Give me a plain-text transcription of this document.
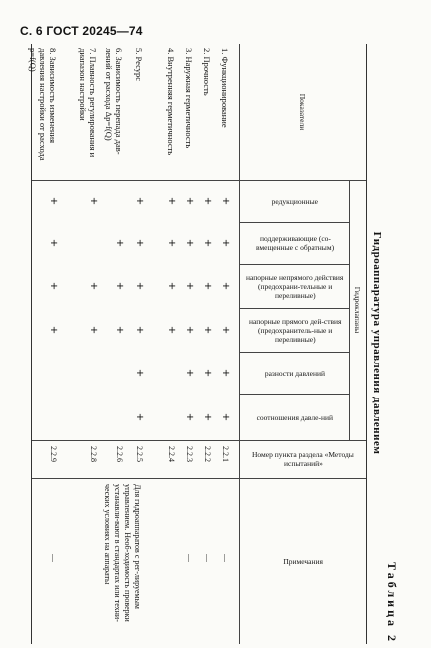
С. 6 ГОСТ 20245—74
Таблица 2
Гидроаппаратура управления давлением
Показатели
Гидроклапаны
редукционные
поддерживающие (со-вмещенные с обратным)
напорные непрямого действия (предохрани-тельные и переливные)
напорные прямого дей-ствия (предохранитель-ные и переливные)
разности давлений
соотношения давле-ний
Номер пункта раздела «Методы испытаний»
Примечания
1. Функционирование
+
+
+
+
+
+
2.2.1
—
2. Прочность
+
+
+
+
+
+
2.2.2
—
3. Наружная герметичность
+
+
+
+
+
+
2.2.3
—
4. Внутренняя герметичность
+
+
+
+
2.2.4
5. Ресурс
+
+
+
+
+
+
2.2.5
6. Зависимость перепада дав-лений от расхода Δp=f(Q)
+
+
+
2.2.6
7. Плавность регулирования и диапазон настройки
+
+
+
2.2.8
Для гидроаппаратов с рег-лируемым управлением. Необ-ходимость проверки устанавли-вают в стандартах или техни-ческих условиях на аппараты
8. Зависимость изменения давления настройки от расхода p=f(Q)
+
+
+
+
2.2.9
—
